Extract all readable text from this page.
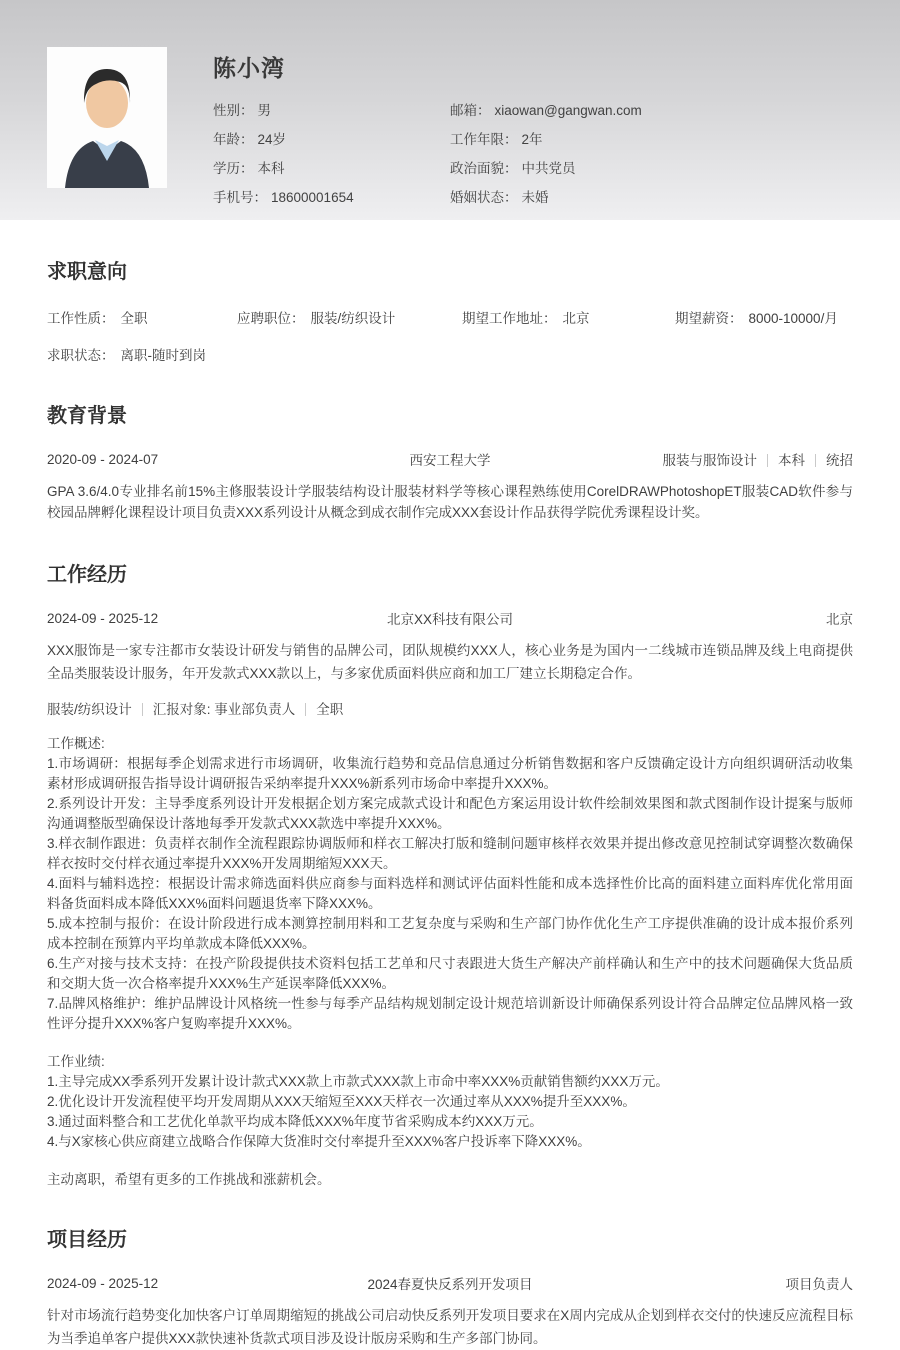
陈小湾
性别： 男	邮箱： xiaowan@gangwan.com
年龄： 24岁	工作年限： 2年
学历： 本科	政治面貌： 中共党员
手机号： 18600001654	婚姻状态： 未婚
求职意向
工作性质： 全职	应聘职位： 服装/纺织设计	期望工作地址： 北京	期望薪资： 8000-10000/月
求职状态： 离职-随时到岗
教育背景
2020-09 - 2024-07	西安工程大学	服装与服饰设计 本科 统招
GPA 3.6/4.0专业排名前15%主修服装设计学服装结构设计服装材料学等核心课程熟练使用CorelDRAWPhotoshopET服装CAD软件参与校园品牌孵化课程设计项目负责XXX系列设计从概念到成衣制作完成XXX套设计作品获得学院优秀课程设计奖。
工作经历
2024-09 - 2025-12	北京XX科技有限公司	北京
XXX服饰是一家专注都市女装设计研发与销售的品牌公司，团队规模约XXX人，核心业务是为国内一二线城市连锁品牌及线上电商提供全品类服装设计服务，年开发款式XXX款以上，与多家优质面料供应商和加工厂建立长期稳定合作。
服装/纺织设计 汇报对象: 事业部负责人 全职
工作概述:
1.市场调研：根据每季企划需求进行市场调研，收集流行趋势和竞品信息通过分析销售数据和客户反馈确定设计方向组织调研活动收集素材形成调研报告指导设计调研报告采纳率提升XXX%新系列市场命中率提升XXX%。
2.系列设计开发：主导季度系列设计开发根据企划方案完成款式设计和配色方案运用设计软件绘制效果图和款式图制作设计提案与版师沟通调整版型确保设计落地每季开发款式XXX款选中率提升XXX%。
3.样衣制作跟进：负责样衣制作全流程跟踪协调版师和样衣工解决打版和缝制问题审核样衣效果并提出修改意见控制试穿调整次数确保样衣按时交付样衣通过率提升XXX%开发周期缩短XXX天。
4.面料与辅料选控：根据设计需求筛选面料供应商参与面料选样和测试评估面料性能和成本选择性价比高的面料建立面料库优化常用面料备货面料成本降低XXX%面料问题退货率下降XXX%。
5.成本控制与报价：在设计阶段进行成本测算控制用料和工艺复杂度与采购和生产部门协作优化生产工序提供准确的设计成本报价系列成本控制在预算内平均单款成本降低XXX%。
6.生产对接与技术支持：在投产阶段提供技术资料包括工艺单和尺寸表跟进大货生产解决产前样确认和生产中的技术问题确保大货品质和交期大货一次合格率提升XXX%生产延误率降低XXX%。
7.品牌风格维护：维护品牌设计风格统一性参与每季产品结构规划制定设计规范培训新设计师确保系列设计符合品牌定位品牌风格一致性评分提升XXX%客户复购率提升XXX%。
工作业绩:
1.主导完成XX季系列开发累计设计款式XXX款上市款式XXX款上市命中率XXX%贡献销售额约XXX万元。
2.优化设计开发流程使平均开发周期从XXX天缩短至XXX天样衣一次通过率从XXX%提升至XXX%。
3.通过面料整合和工艺优化单款平均成本降低XXX%年度节省采购成本约XXX万元。
4.与X家核心供应商建立战略合作保障大货准时交付率提升至XXX%客户投诉率下降XXX%。
主动离职，希望有更多的工作挑战和涨薪机会。
项目经历
2024-09 - 2025-12	2024春夏快反系列开发项目	项目负责人
针对市场流行趋势变化加快客户订单周期缩短的挑战公司启动快反系列开发项目要求在X周内完成从企划到样衣交付的快速反应流程目标为当季追单客户提供XXX款快速补货款式项目涉及设计版房采购和生产多部门协同。
